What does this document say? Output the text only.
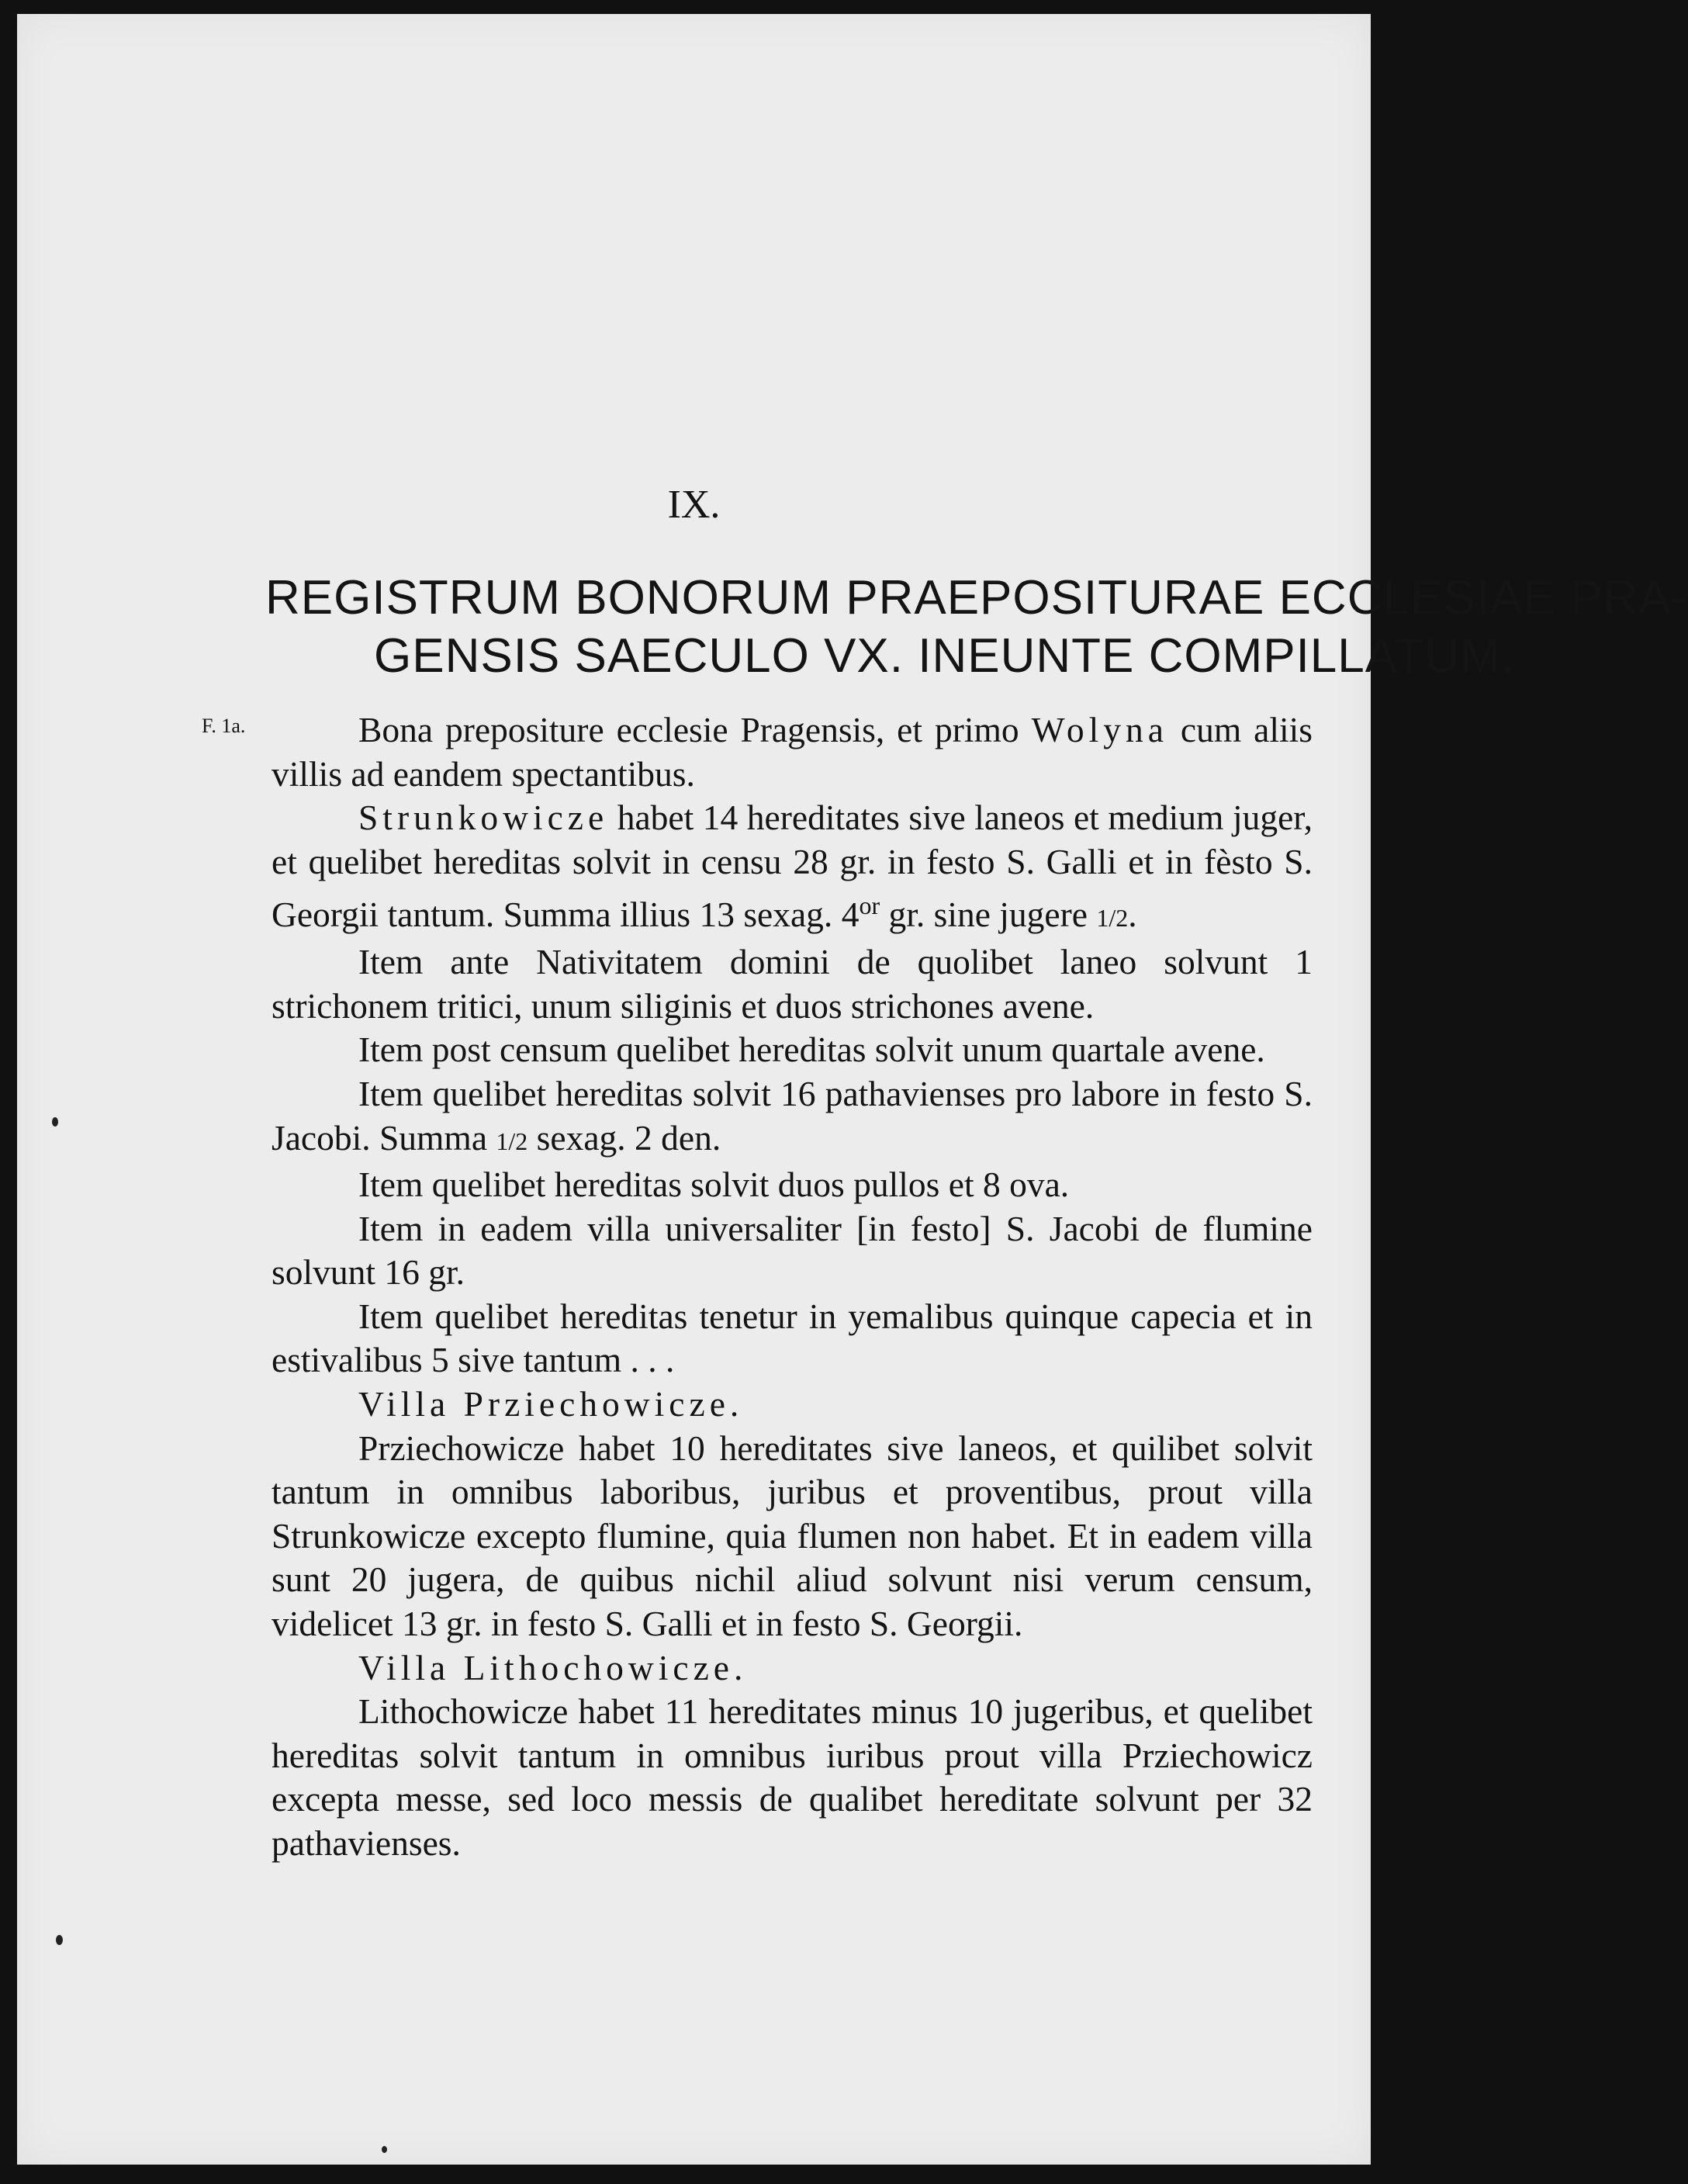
IX.
REGISTRUM BONORUM PRAEPOSITURAE ECCLESIAE PRA-
GENSIS SAECULO VX. INEUNTE COMPILLATUM.
F. 1a.	Bona prepositure ecclesie Pragensis, et primo Wolyna cum aliis villis ad eandem spectantibus.

Strunkowicze habet 14 hereditates sive laneos et medium juger, et quelibet hereditas solvit in censu 28 gr. in festo S. Galli et in fèsto S. Georgii tantum. Summa illius 13 sexag. $4^{or}$ gr. sine jugere 1/2.

Item ante Nativitatem domini de quolibet laneo solvunt 1 strichonem tritici, unum siliginis et duos strichones avene.

Item post censum quelibet hereditas solvit unum quartale avene.

Item quelibet hereditas solvit 16 pathavienses pro labore in festo S. Jacobi. Summa 1/2 sexag. 2 den.

Item quelibet hereditas solvit duos pullos et 8 ova.

Item in eadem villa universaliter [in festo] S. Jacobi de flumine solvunt 16 gr.

Item quelibet hereditas tenetur in yemalibus quinque capecia et in estivalibus 5 sive tantum . . .

Villa Prziechowicze.

Prziechowicze habet 10 hereditates sive laneos, et quilibet solvit tantum in omnibus laboribus, juribus et proventibus, prout villa Strunkowicze excepto flumine, quia flumen non habet. Et in eadem villa sunt 20 jugera, de quibus nichil aliud solvunt nisi verum censum, videlicet 13 gr. in festo S. Galli et in festo S. Georgii.

Villa Lithochowicze.

Lithochowicze habet 11 hereditates minus 10 jugeribus, et quelibet hereditas solvit tantum in omnibus iuribus prout villa Prziechowicz excepta messe, sed loco messis de qualibet hereditate solvunt per 32 pathavienses.
